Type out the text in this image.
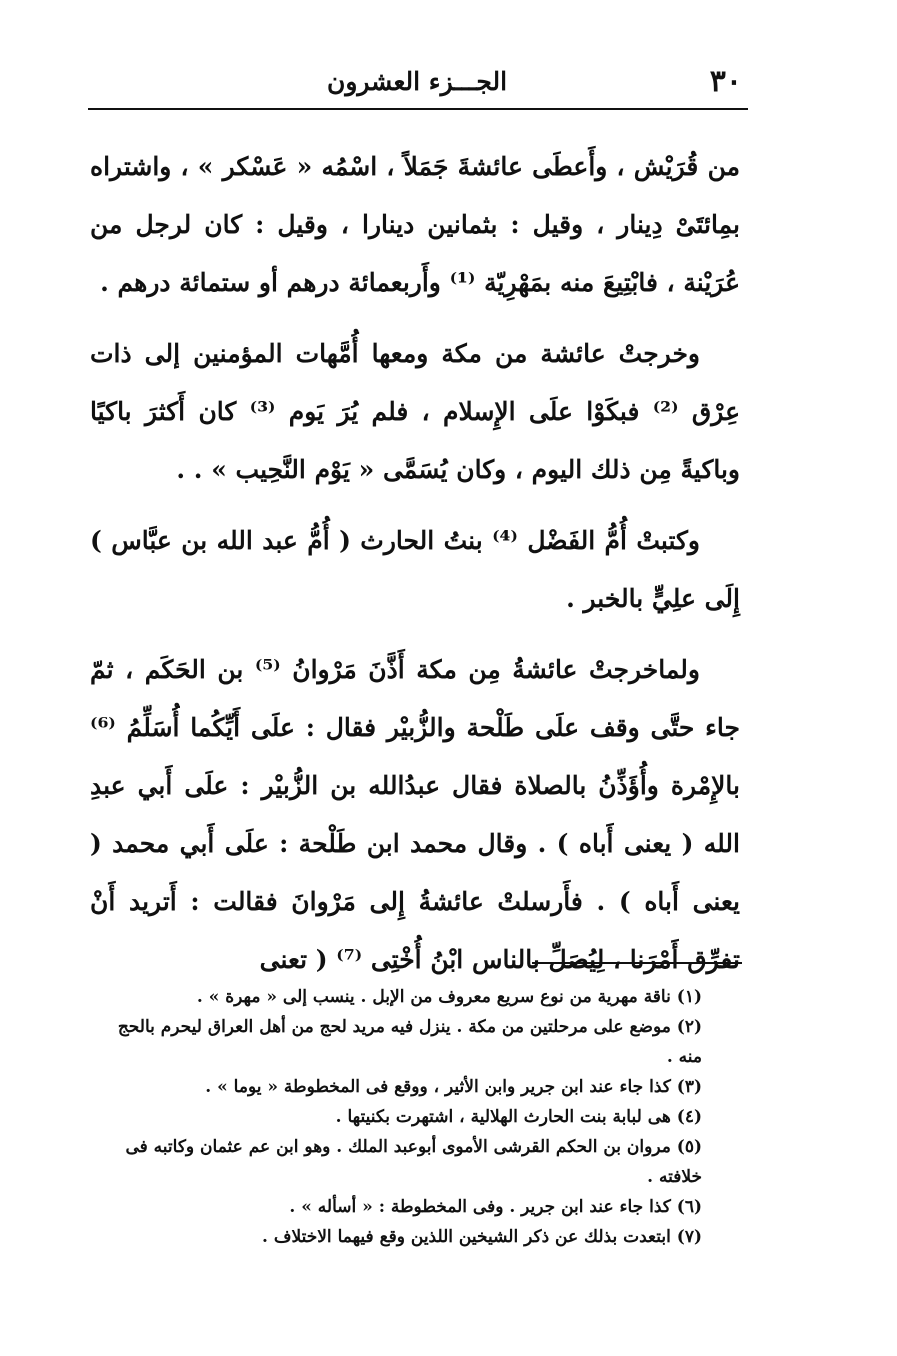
٣٠
الجـــزء العشرون

من قُرَيْش ، وأَعطَى عائشةَ جَمَلاً ، اسْمُه « عَسْكر » ، واشتراه بمِائتَىْ دِينار ، وقيل : بثمانين دينارا ، وقيل : كان لرجل من عُرَيْنة ، فابْتِيعَ منه بمَهْرِيّة ⁽¹⁾ وأَربعمائة درهم أو ستمائة درهم .

وخرجتْ عائشة من مكة ومعها أُمَّهات المؤمنين إلى ذات عِرْق ⁽²⁾ فبكَوْا علَى الإِسلام ، فلم يُرَ يَوم ⁽³⁾ كان أَكثرَ باكيًا وباكيةً مِن ذلك اليوم ، وكان يُسَمَّى « يَوْم النَّحِيب » . .

وكتبتْ أُمُّ الفَضْل ⁽⁴⁾ بنتُ الحارث ( أُمُّ عبد الله بن عبَّاس ) إِلَى علِيٍّ بالخبر .

ولماخرجتْ عائشةُ مِن مكة أَذَّنَ مَرْوانُ ⁽⁵⁾ بن الحَكَم ، ثمّ جاء حتَّى وقف علَى طَلْحة والزُّبيْر فقال : علَى أَيِّكُما أُسَلِّمُ ⁽⁶⁾ بالإِمْرة وأُؤَذِّنُ بالصلاة فقال عبدُالله بن الزُّبيْر : علَى أَبي عبدِ الله ( يعنى أَباه ) . وقال محمد ابن طَلْحة : علَى أَبي محمد ( يعنى أَباه ) . فأَرسلتْ عائشةُ إِلى مَرْوانَ فقالت : أَتريد أَنْ تفرِّق أَمْرَنا ، لِيُصَلِّ بالناس ابْنُ أُخْتِى ⁽⁷⁾ ( تعنى

(١) ناقة مهرية من نوع سريع معروف من الإبل . ينسب إلى « مهرة » .

(٢) موضع على مرحلتين من مكة . ينزل فيه مريد لحج من أهل العراق ليحرم بالحج منه .

(٣) كذا جاء عند ابن جرير وابن الأثير ، ووقع فى المخطوطة « يوما » .

(٤) هى لبابة بنت الحارث الهلالية ، اشتهرت بكنيتها .

(٥) مروان بن الحكم القرشى الأموى أبوعبد الملك . وهو ابن عم عثمان وكاتبه فى خلافته .

(٦) كذا جاء عند ابن جرير . وفى المخطوطة : « أسأله » .

(٧) ابتعدت بذلك عن ذكر الشيخين اللذين وقع فيهما الاختلاف .
